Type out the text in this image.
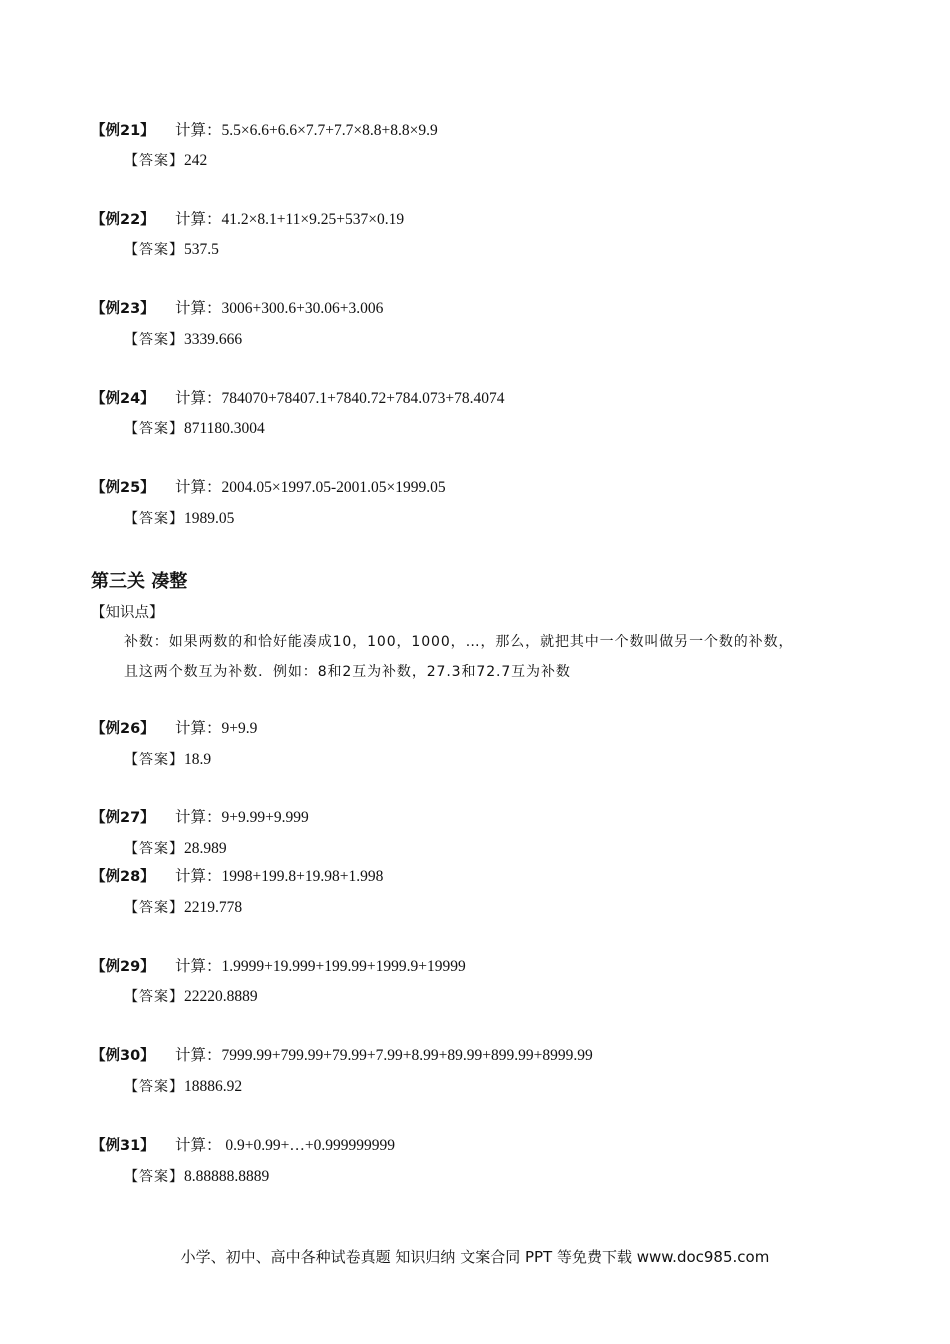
【例21】 计算：5.5×6.6+6.6×7.7+7.7×8.8+8.8×9.9
【答案】242
【例22】 计算：41.2×8.1+11×9.25+537×0.19
【答案】537.5
【例23】 计算：3006+300.6+30.06+3.006
【答案】3339.666
【例24】 计算：784070+78407.1+7840.72+784.073+78.4074
【答案】871180.3004
【例25】 计算：2004.05×1997.05-2001.05×1999.05
【答案】1989.05
第三关 凑整
【知识点】
补数：如果两数的和恰好能凑成10，100，1000，…，那么，就把其中一个数叫做另一个数的补数，
且这两个数互为补数．例如：8和2互为补数，27.3和72.7互为补数
【例26】 计算：9+9.9
【答案】18.9
【例27】 计算：9+9.99+9.999
【答案】28.989
【例28】 计算：1998+199.8+19.98+1.998
【答案】2219.778
【例29】 计算：1.9999+19.999+199.99+1999.9+19999
【答案】22220.8889
【例30】 计算：7999.99+799.99+79.99+7.99+8.99+89.99+899.99+8999.99
【答案】18886.92
【例31】 计算： 0.9+0.99+…+0.999999999
【答案】8.88888.8889
小学、初中、高中各种试卷真题 知识归纳 文案合同 PPT 等免费下载 www.doc985.com
